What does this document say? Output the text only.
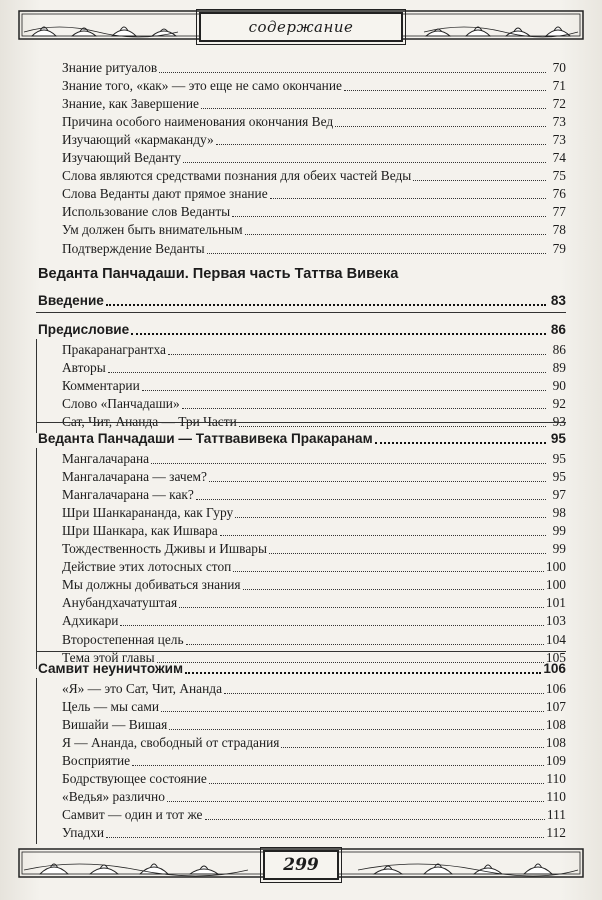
содержание
Знание ритуалов	70
Знание того, «как» — это еще не само окончание	71
Знание, как Завершение	72
Причина особого наименования окончания Вед	73
Изучающий «кармаканду»	73
Изучающий Веданту	74
Слова являются средствами познания для обеих частей Веды	75
Слова Веданты дают прямое знание	76
Использование слов Веданты	77
Ум должен быть внимательным	78
Подтверждение Веданты	79
Введение	83
Предисловие	86
Пракаранагрантха	86
Авторы	89
Комментарии	90
Слово «Панчадаши»	92
Сат, Чит, Ананда — Три Части	93
Веданта Панчадаши — Таттвавивека Пракаранам	95
Мангалачарана	95
Мангалачарана — зачем?	95
Мангалачарана — как?	97
Шри Шанкарананда, как Гуру	98
Шри Шанкара, как Ишвара	99
Тождественность Дживы и Ишвары	99
Действие этих лотосных стоп	100
Мы должны добиваться знания	100
Анубандхачатуштая	101
Адхикари	103
Второстепенная цель	104
Тема этой главы	105
Самвит неуничтожим	106
«Я» — это Сат, Чит, Ананда	106
Цель — мы сами	107
Вишайи — Вишая	108
Я — Ананда, свободный от страдания	108
Восприятие	109
Бодрствующее состояние	110
«Ведья» различно	110
Самвит — один и тот же	111
Упадхи	112
Веданта Панчадаши. Первая часть Таттва Вивека
299
